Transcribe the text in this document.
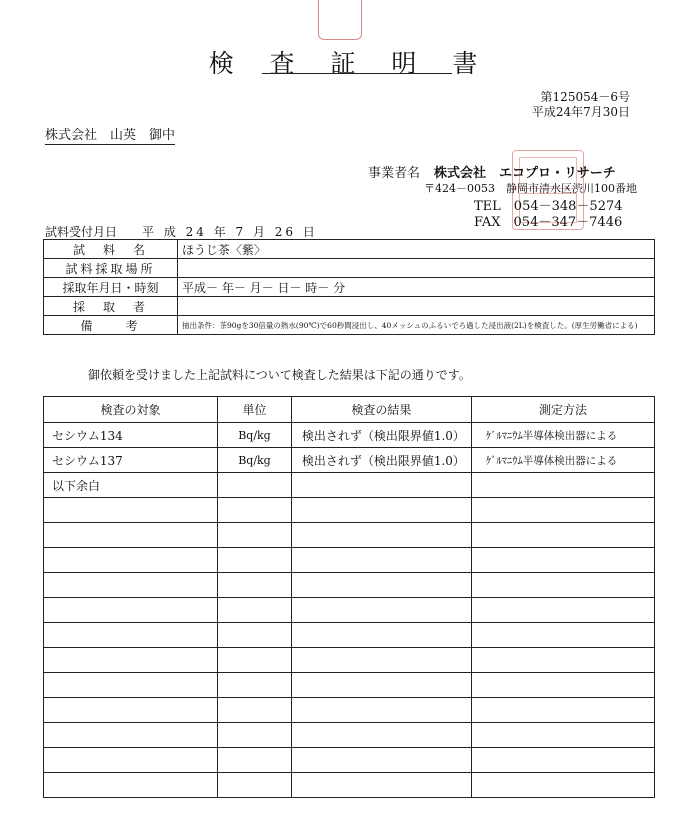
検 査 証 明 書
第125054－6号
平成24年7月30日
株式会社　山英　御中
事業者名 株式会社　エコプロ・リサーチ
〒424－0053　静岡市清水区渋川100番地
TEL　054－348－5274
FAX　054－347－7446
試料受付月日 平 成 24 年 7 月 26 日
試　料　名	ほうじ茶〈紫〉
試料採取場所	
採取年月日・時刻	平成－ 年－ 月－ 日－ 時－ 分
採　取　者	
備　　考	抽出条件：茶90gを30倍量の熱水(90℃)で60秒間浸出し、40メッシュのふるいでろ過した浸出液(2L)を検査した。(厚生労働省による)
御依頼を受けました上記試料について検査した結果は下記の通りです。
検査の対象	単位	検査の結果	測定方法
セシウム134	Bq/kg	検出されず（検出限界値1.0）	ｹﾞﾙﾏﾆｳﾑ半導体検出器による
セシウム137	Bq/kg	検出されず（検出限界値1.0）	ｹﾞﾙﾏﾆｳﾑ半導体検出器による
以下余白			
